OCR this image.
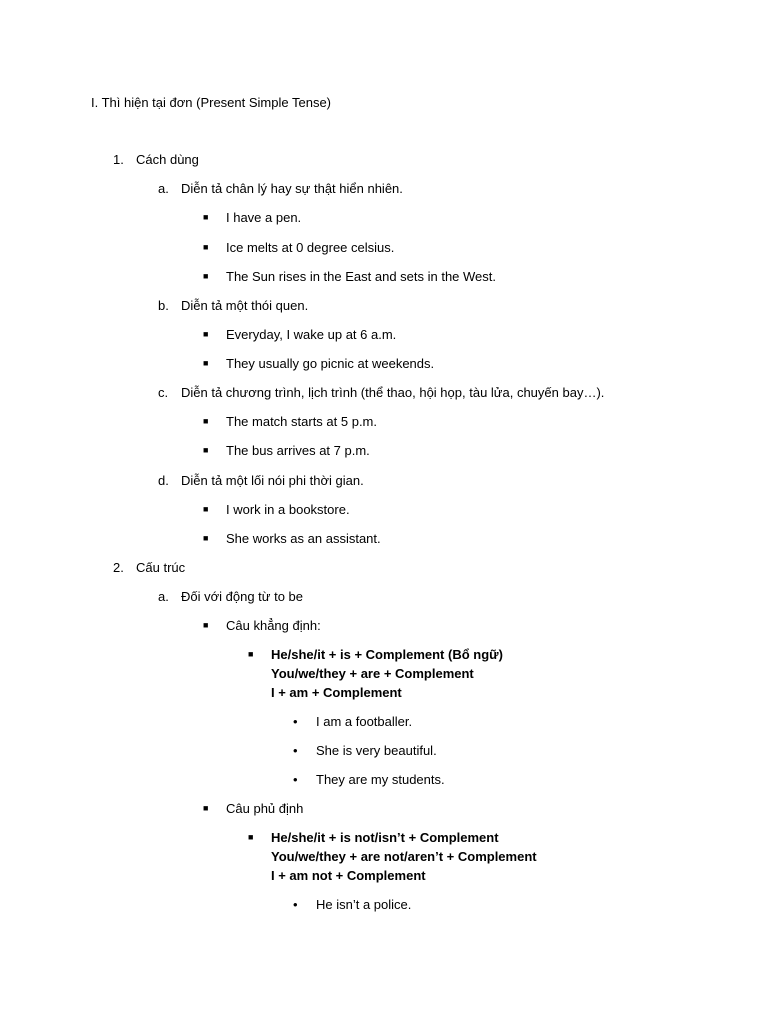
I. Thì hiện tại đơn (Present Simple Tense)
1. Cách dùng
a. Diễn tả chân lý hay sự thật hiển nhiên.
■ I have a pen.
■ Ice melts at 0 degree celsius.
■ The Sun rises in the East and sets in the West.
b. Diễn tả một thói quen.
■ Everyday, I wake up at 6 a.m.
■ They usually go picnic at weekends.
c. Diễn tả chương trình, lịch trình (thể thao, hội họp, tàu lửa, chuyến bay…).
■ The match starts at 5 p.m.
■ The bus arrives at 7 p.m.
d. Diễn tả một lối nói phi thời gian.
■ I work in a bookstore.
■ She works as an assistant.
2. Cấu trúc
a. Đối với động từ to be
■ Câu khẳng định:
■ He/she/it + is + Complement (Bổ ngữ)
You/we/they + are + Complement
I + am + Complement
• I am a footballer.
• She is very beautiful.
• They are my students.
■ Câu phủ định
■ He/she/it + is not/isn’t + Complement
You/we/they + are not/aren’t + Complement
I + am not + Complement
• He isn’t a police.
